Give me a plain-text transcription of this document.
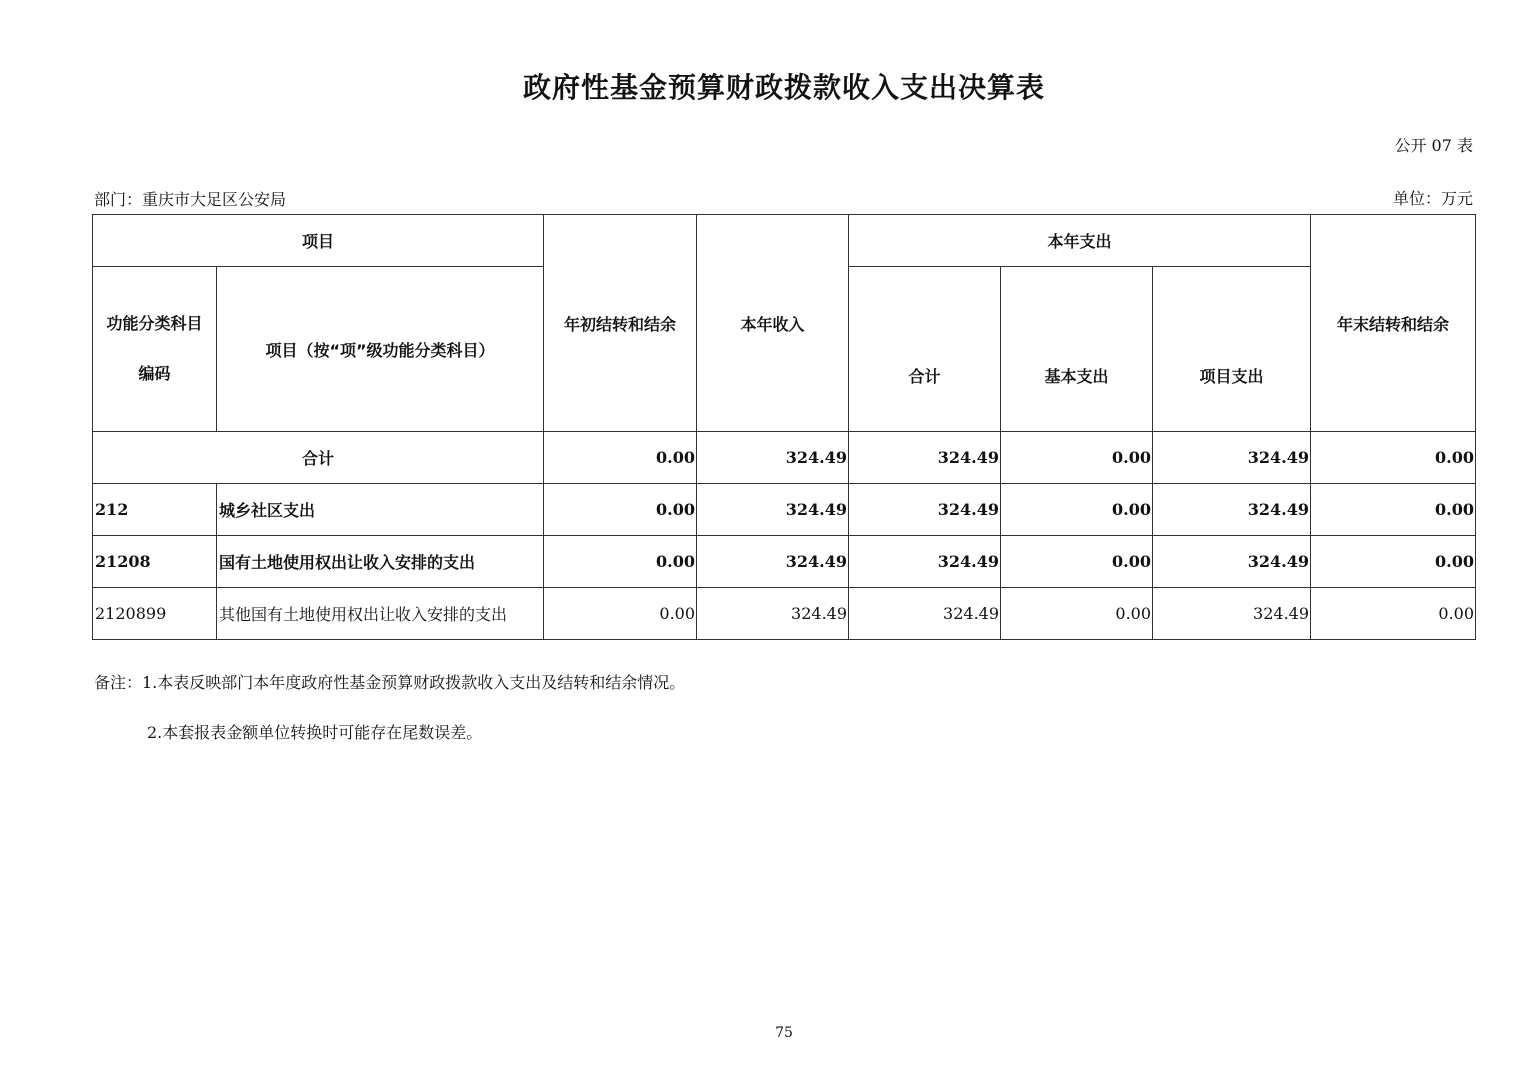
政府性基金预算财政拨款收入支出决算表
公开 07 表
部门：重庆市大足区公安局	单位：万元
项目		年初结转和结余	本年收入	本年支出			年末结转和结余

功能分类科目
编码	项目（按“项”级功能分类科目）			合计	基本支出	项目支出	
合计		0.00	324.49	324.49	0.00	324.49	0.00
212	城乡社区支出	0.00	324.49	324.49	0.00	324.49	0.00
21208	国有土地使用权出让收入安排的支出	0.00	324.49	324.49	0.00	324.49	0.00
2120899	其他国有土地使用权出让收入安排的支出	0.00	324.49	324.49	0.00	324.49	0.00
备注：1.本表反映部门本年度政府性基金预算财政拨款收入支出及结转和结余情况。
2.本套报表金额单位转换时可能存在尾数误差。
75
